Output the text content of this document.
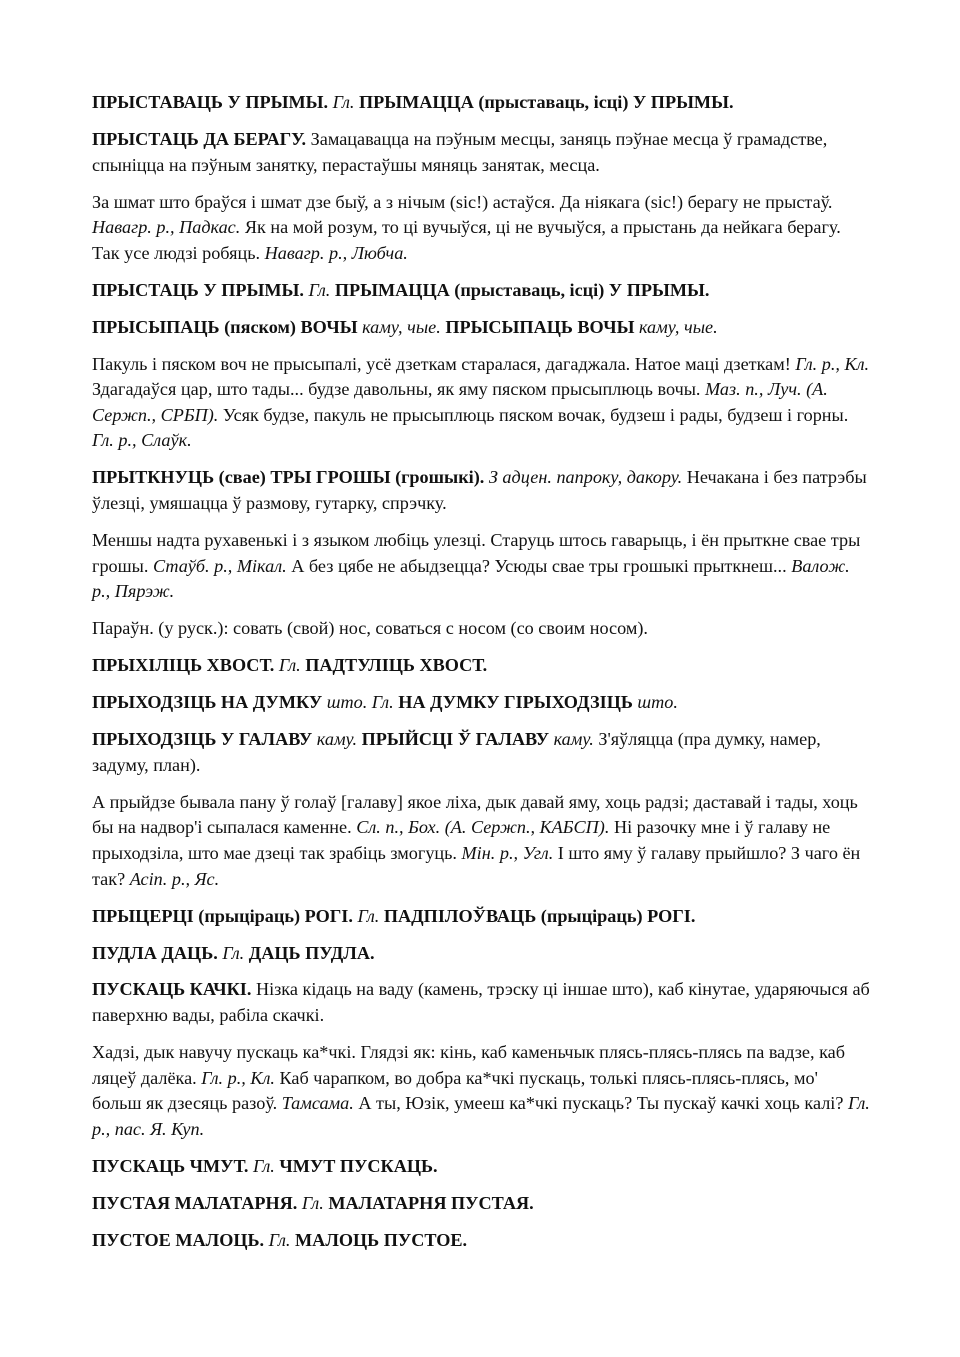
ПРЫСТАВАЦЬ У ПРЫМЫ. Гл. ПРЫМАЦЦА (прыставаць, ісці) У ПРЫМЫ.

ПРЫСТАЦЬ ДА БЕРАГУ. Замацавацца на пэўным месцы, заняць пэўнае месца ў грамадстве, спыніцца на пэўным занятку, перастаўшы мяняць занятак, месца.

За шмат што браўся і шмат дзе быў, а з нічым (sic!) астаўся. Да ніякага (sic!) берагу не прыстаў. Навагр. р., Падкас. Як на мой розум, то ці вучыўся, ці не вучыўся, а прыстань да нейкага берагу. Так усе людзі робяць. Навагр. р., Любча.

ПРЫСТАЦЬ У ПРЫМЫ. Гл. ПРЫМАЦЦА (прыставаць, ісці) У ПРЫМЫ.

ПРЫСЫПАЦЬ (пяском) ВОЧЫ каму, чые. ПРЫСЫПАЦЬ ВОЧЫ каму, чые.

Пакуль і пяском воч не прысыпалі, усё дзеткам старалася, дагаджала. Натое маці дзеткам! Гл. р., Кл. Здагадаўся цар, што тады... будзе давольны, як яму пяском прысыплюць вочы. Маз. п., Луч. (А. Сержп., СРБП). Усяк будзе, пакуль не прысыплюць пяском вочак, будзеш і рады, будзеш і горны. Гл. р., Слаўк.

ПРЫТКНУЦЬ (свае) ТРЫ ГРОШЫ (грошыкі). З адцен. папроку, дакору. Нечакана і без патрэбы ўлезці, умяшацца ў размову, гутарку, спрэчку.

Меншы надта рухавенькі і з языком любіць улезці. Старуць штось гаварыць, і ён прыткне свае тры грошы. Стаўб. р., Мікал. А без цябе не абыдзецца? Усюды свае тры грошыкі прыткнеш... Валож. р., Пярэж.

Параўн. (у руск.): совать (свой) нос, соваться с носом (со своим носом).

ПРЫХІЛІЦЬ ХВОСТ. Гл. ПАДТУЛІЦЬ ХВОСТ.

ПРЫХОДЗІЦЬ НА ДУМКУ што. Гл. НА ДУМКУ ГІРЫХОДЗІЦЬ што.

ПРЫХОДЗІЦЬ У ГАЛАВУ каму. ПРЫЙСЦІ Ў ГАЛАВУ каму. З'яўляцца (пра думку, намер, задуму, план).

А прыйдзе бывала пану ў голаў [галаву] якое ліха, дык давай яму, хоць радзі; даставай і тады, хоць бы на надвор'і сыпалася каменне. Сл. п., Бох. (А. Сержп., КАБСП). Ні разочку мне і ў галаву не прыходзіла, што мае дзеці так зрабіць змогуць. Мін. р., Угл. І што яму ў галаву прыйшло? З чаго ён так? Асіп. р., Яс.

ПРЫЦЕРЦІ (прыціраць) РОГІ. Гл. ПАДПІЛОЎВАЦЬ (прыціраць) РОГІ.

ПУДЛА ДАЦЬ. Гл. ДАЦЬ ПУДЛА.

ПУСКАЦЬ КАЧКІ. Нізка кідаць на ваду (камень, трэску ці іншае што), каб кінутае, ударяючыся аб паверхню вады, рабіла скачкі.

Хадзі, дык навучу пускаць ка*чкі. Глядзі як: кінь, каб каменьчык плясь-плясь-плясь па вадзе, каб ляцеў далёка. Гл. р., Кл. Каб чарапком, во добра ка*чкі пускаць, толькі плясь-плясь-плясь, мо' больш як дзесяць разоў. Тамсама. А ты, Юзік, умееш ка*чкі пускаць? Ты пускаў качкі хоць калі? Гл. р., пас. Я. Куп.

ПУСКАЦЬ ЧМУТ. Гл. ЧМУТ ПУСКАЦЬ.

ПУСТАЯ МАЛАТАРНЯ. Гл. МАЛАТАРНЯ ПУСТАЯ.

ПУСТОЕ МАЛОЦЬ. Гл. МАЛОЦЬ ПУСТОЕ.
